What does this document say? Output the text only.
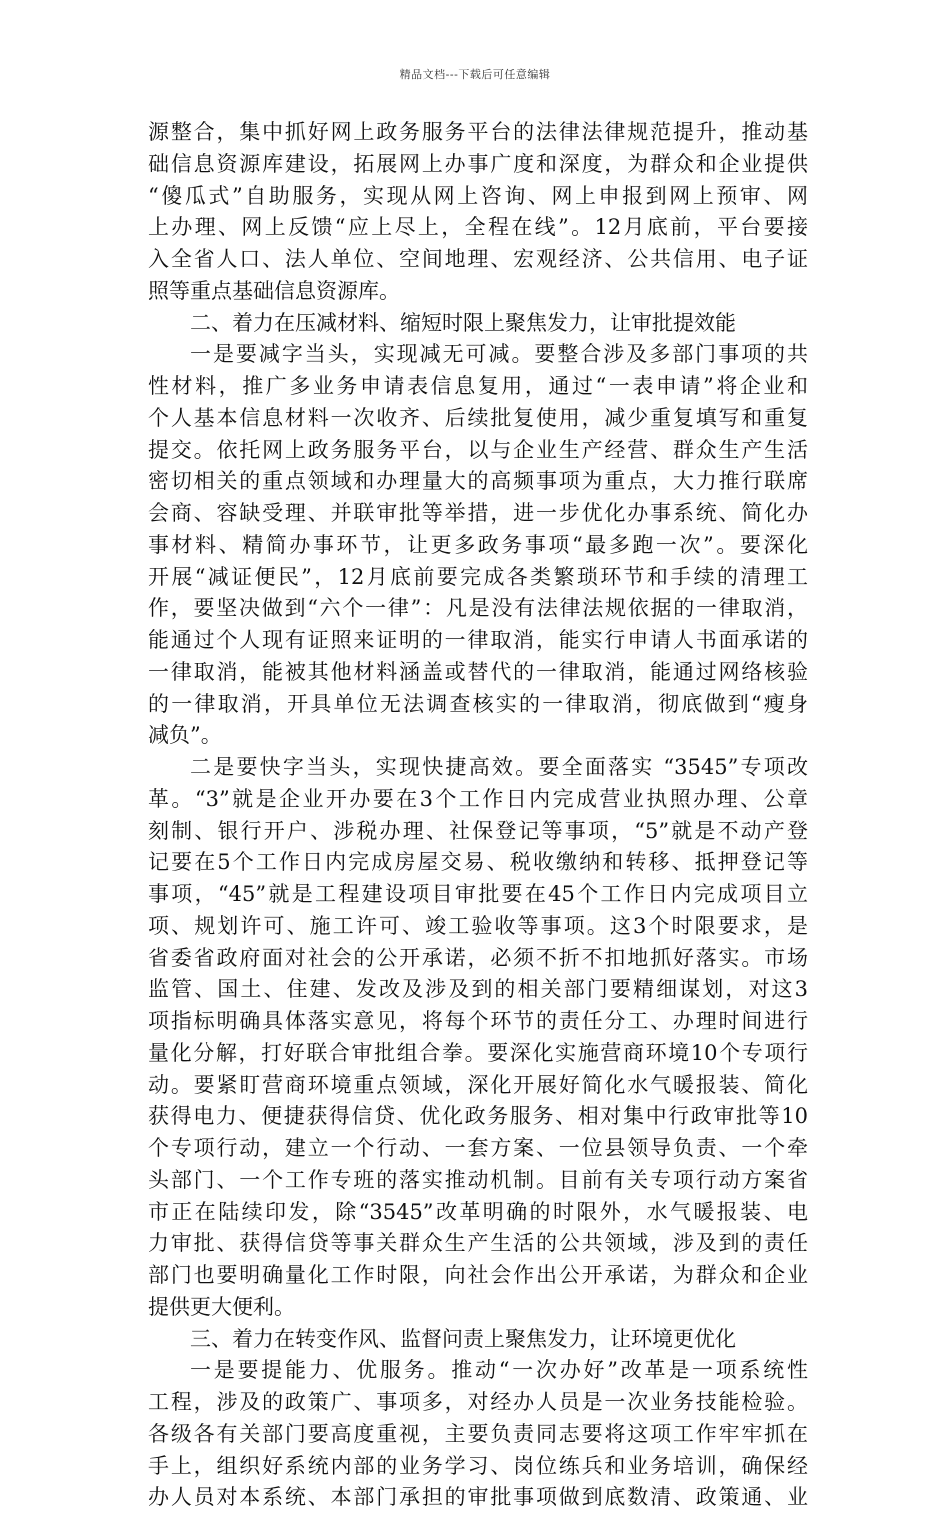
精品文档---下载后可任意编辑
源整合，集中抓好网上政务服务平台的法律法律规范提升，推动基
础信息资源库建设，拓展网上办事广度和深度，为群众和企业提供
“傻瓜式”自助服务，实现从网上咨询、网上申报到网上预审、网
上办理、网上反馈“应上尽上，全程在线”。12月底前，平台要接
入全省人口、法人单位、空间地理、宏观经济、公共信用、电子证
照等重点基础信息资源库。
二、着力在压减材料、缩短时限上聚焦发力，让审批提效能
一是要减字当头，实现减无可减。要整合涉及多部门事项的共
性材料，推广多业务申请表信息复用，通过“一表申请”将企业和
个人基本信息材料一次收齐、后续批复使用，减少重复填写和重复
提交。依托网上政务服务平台，以与企业生产经营、群众生产生活
密切相关的重点领域和办理量大的高频事项为重点，大力推行联席
会商、容缺受理、并联审批等举措，进一步优化办事系统、简化办
事材料、精简办事环节，让更多政务事项“最多跑一次”。要深化
开展“减证便民”，12月底前要完成各类繁琐环节和手续的清理工
作，要坚决做到“六个一律”：凡是没有法律法规依据的一律取消，
能通过个人现有证照来证明的一律取消，能实行申请人书面承诺的
一律取消，能被其他材料涵盖或替代的一律取消，能通过网络核验
的一律取消，开具单位无法调查核实的一律取消，彻底做到“瘦身
减负”。
二是要快字当头，实现快捷高效。要全面落实 “3545”专项改
革。“3”就是企业开办要在3个工作日内完成营业执照办理、公章
刻制、银行开户、涉税办理、社保登记等事项，“5”就是不动产登
记要在5个工作日内完成房屋交易、税收缴纳和转移、抵押登记等
事项，“45”就是工程建设项目审批要在45个工作日内完成项目立
项、规划许可、施工许可、竣工验收等事项。这3个时限要求，是
省委省政府面对社会的公开承诺，必须不折不扣地抓好落实。市场
监管、国土、住建、发改及涉及到的相关部门要精细谋划，对这3
项指标明确具体落实意见，将每个环节的责任分工、办理时间进行
量化分解，打好联合审批组合拳。要深化实施营商环境10个专项行
动。要紧盯营商环境重点领域，深化开展好简化水气暖报装、简化
获得电力、便捷获得信贷、优化政务服务、相对集中行政审批等10
个专项行动，建立一个行动、一套方案、一位县领导负责、一个牵
头部门、一个工作专班的落实推动机制。目前有关专项行动方案省
市正在陆续印发，除“3545”改革明确的时限外，水气暖报装、电
力审批、获得信贷等事关群众生产生活的公共领域，涉及到的责任
部门也要明确量化工作时限，向社会作出公开承诺，为群众和企业
提供更大便利。
三、着力在转变作风、监督问责上聚焦发力，让环境更优化
一是要提能力、优服务。推动“一次办好”改革是一项系统性
工程，涉及的政策广、事项多，对经办人员是一次业务技能检验。
各级各有关部门要高度重视，主要负责同志要将这项工作牢牢抓在
手上，组织好系统内部的业务学习、岗位练兵和业务培训，确保经
办人员对本系统、本部门承担的审批事项做到底数清、政策通、业
